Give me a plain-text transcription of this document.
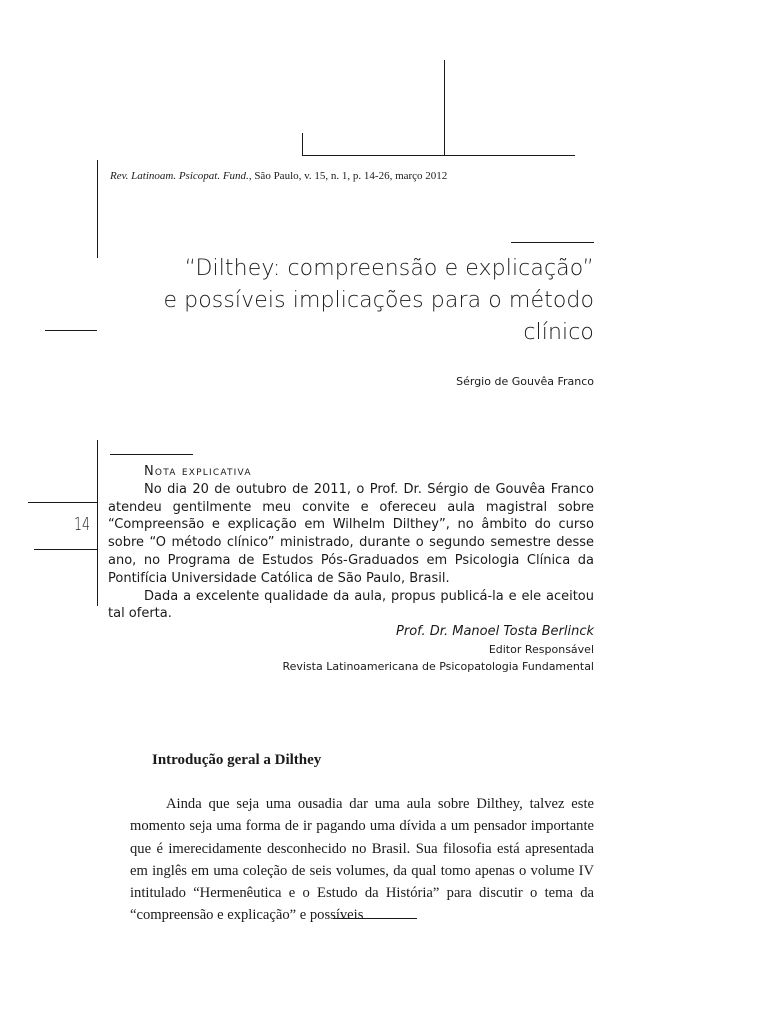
Rev. Latinoam. Psicopat. Fund., São Paulo, v. 15, n. 1, p. 14-26, março 2012
“Dilthey: compreensão e explicação”
e possíveis implicações para o método clínico
Sérgio de Gouvêa Franco

Nota explicativa

No dia 20 de outubro de 2011, o Prof. Dr. Sérgio de Gouvêa Franco atendeu gentilmente meu convite e ofereceu aula magistral sobre “Compreensão e explicação em Wilhelm Dilthey”, no âmbito do curso sobre “O método clínico” ministrado, durante o segundo semestre desse ano, no Programa de Estudos Pós-Graduados em Psicologia Clínica da Pontifícia Universidade Católica de São Paulo, Brasil.

Dada a excelente qualidade da aula, propus publicá-la e ele aceitou tal oferta.

Prof. Dr. Manoel Tosta Berlinck

Editor Responsável

Revista Latinoamericana de Psicopatologia Fundamental

14
Introdução geral a Dilthey

Ainda que seja uma ousadia dar uma aula sobre Dilthey, talvez este momento seja uma forma de ir pagando uma dívida a um pensador importante que é imerecidamente desconhecido no Brasil. Sua filosofia está apresentada em inglês em uma coleção de seis volumes, da qual tomo apenas o volume IV intitulado “Hermenêutica e o Estudo da História” para discutir o tema da “compreensão e explicação” e possíveis
